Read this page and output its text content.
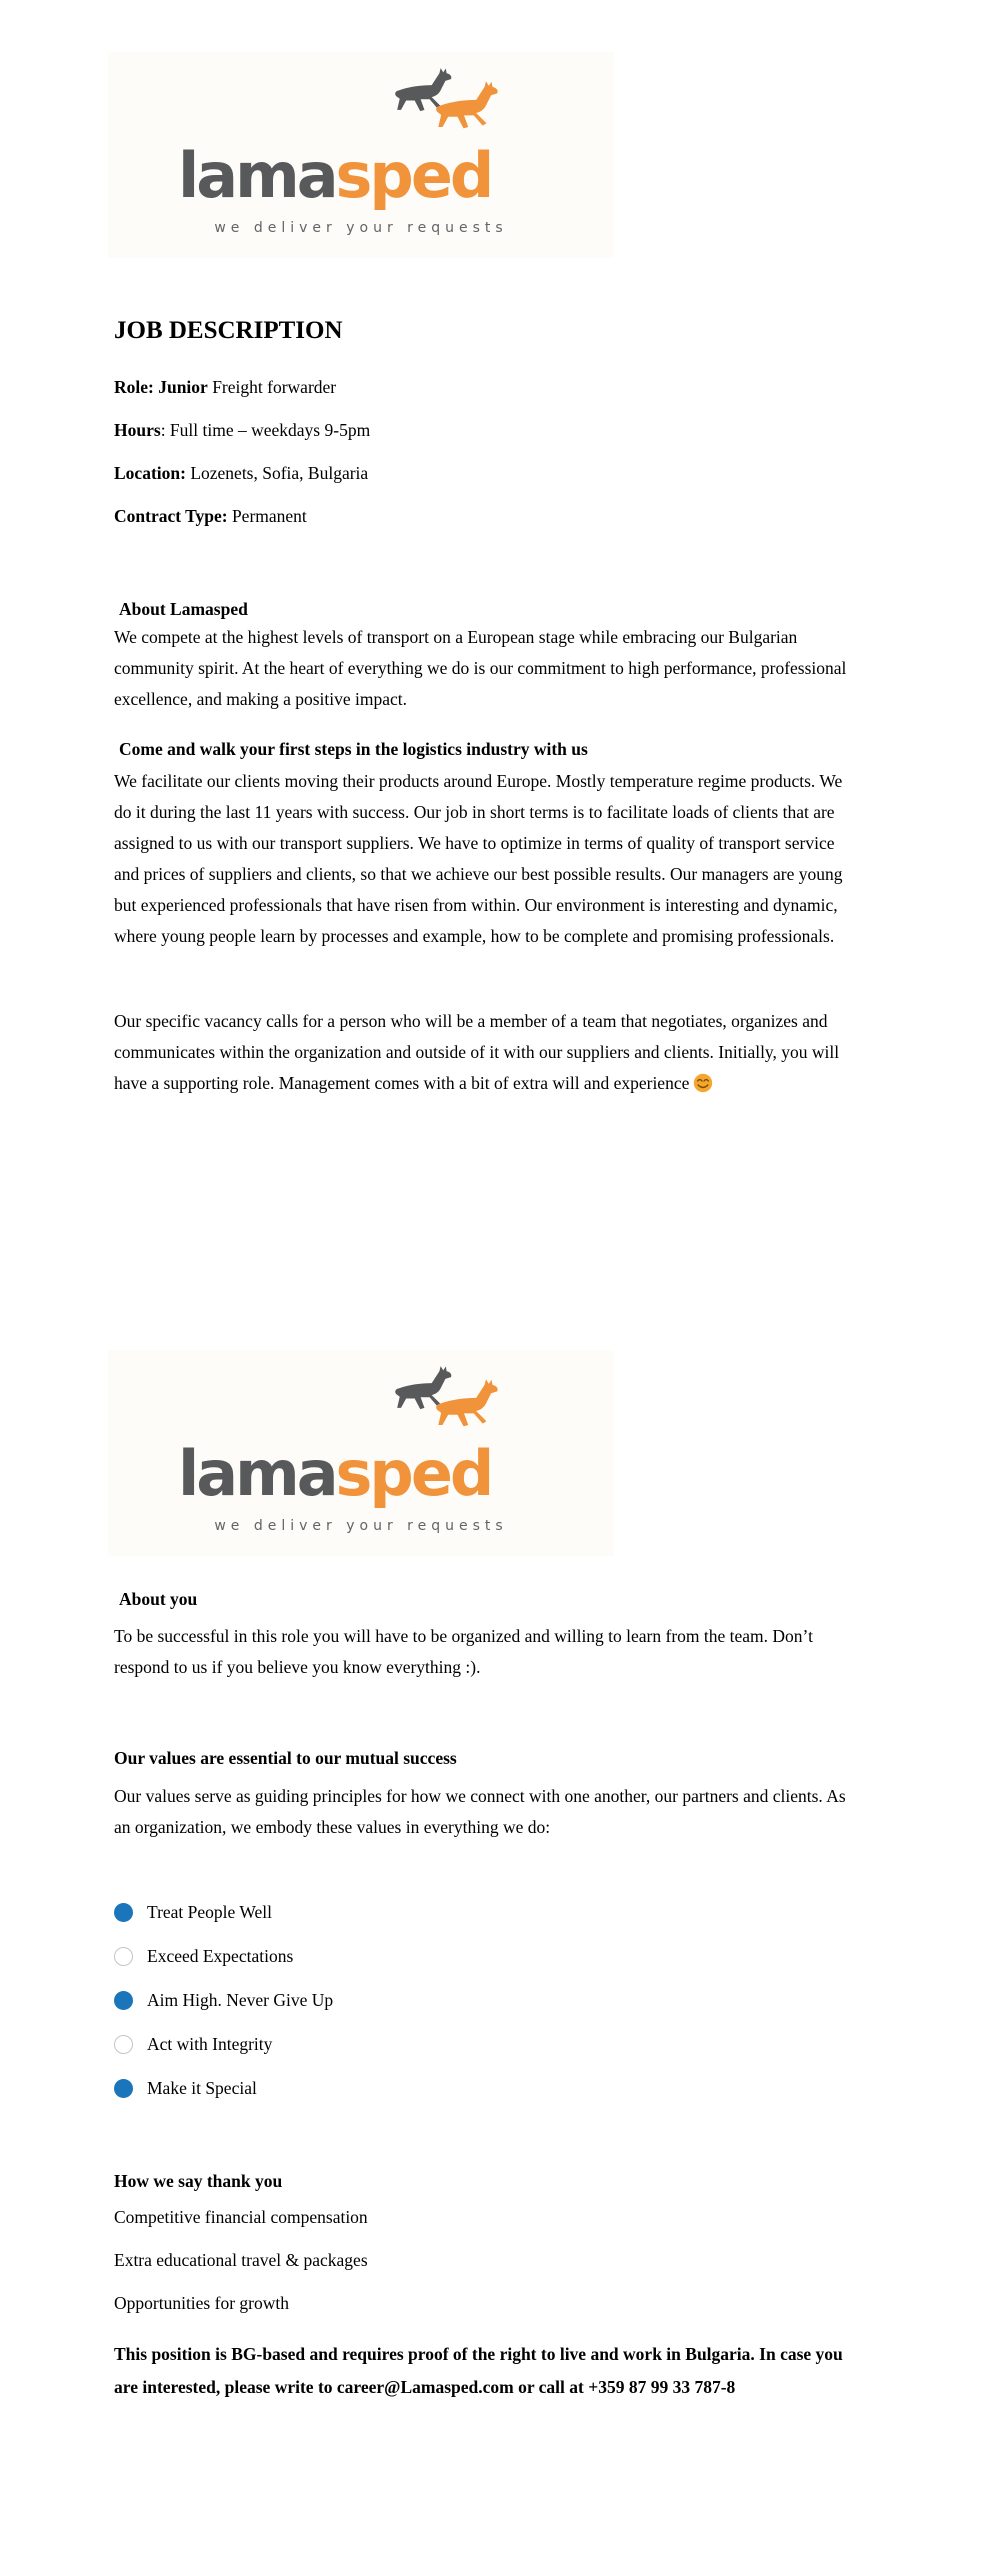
lamasped
we deliver your requests
JOB DESCRIPTION

Role: Junior Freight forwarder

Hours: Full time – weekdays 9-5pm

Location: Lozenets, Sofia, Bulgaria

Contract Type: Permanent

About Lamasped

We compete at the highest levels of transport on a European stage while embracing our Bulgarian community spirit. At the heart of everything we do is our commitment to high performance, professional excellence, and making a positive impact.

Come and walk your first steps in the logistics industry with us

We facilitate our clients moving their products around Europe. Mostly temperature regime products. We do it during the last 11 years with success. Our job in short terms is to facilitate loads of clients that are assigned to us with our transport suppliers. We have to optimize in terms of quality of transport service and prices of suppliers and clients, so that we achieve our best possible results. Our managers are young but experienced professionals that have risen from within. Our environment is interesting and dynamic, where young people learn by processes and example, how to be complete and promising professionals.

Our specific vacancy calls for a person who will be a member of a team that negotiates, organizes and communicates within the organization and outside of it with our suppliers and clients. Initially, you will have a supporting role. Management comes with a bit of extra will and experience

lamasped
we deliver your requests
About you

To be successful in this role you will have to be organized and willing to learn from the team. Don’t respond to us if you believe you know everything :).

Our values are essential to our mutual success

Our values serve as guiding principles for how we connect with one another, our partners and clients. As an organization, we embody these values in everything we do:

Treat People Well
Exceed Expectations
Aim High. Never Give Up
Act with Integrity
Make it Special
How we say thank you

Competitive financial compensation

Extra educational travel & packages

Opportunities for growth

This position is BG-based and requires proof of the right to live and work in Bulgaria. In case you are interested, please write to career@Lamasped.com or call at +359 87 99 33 787-8
